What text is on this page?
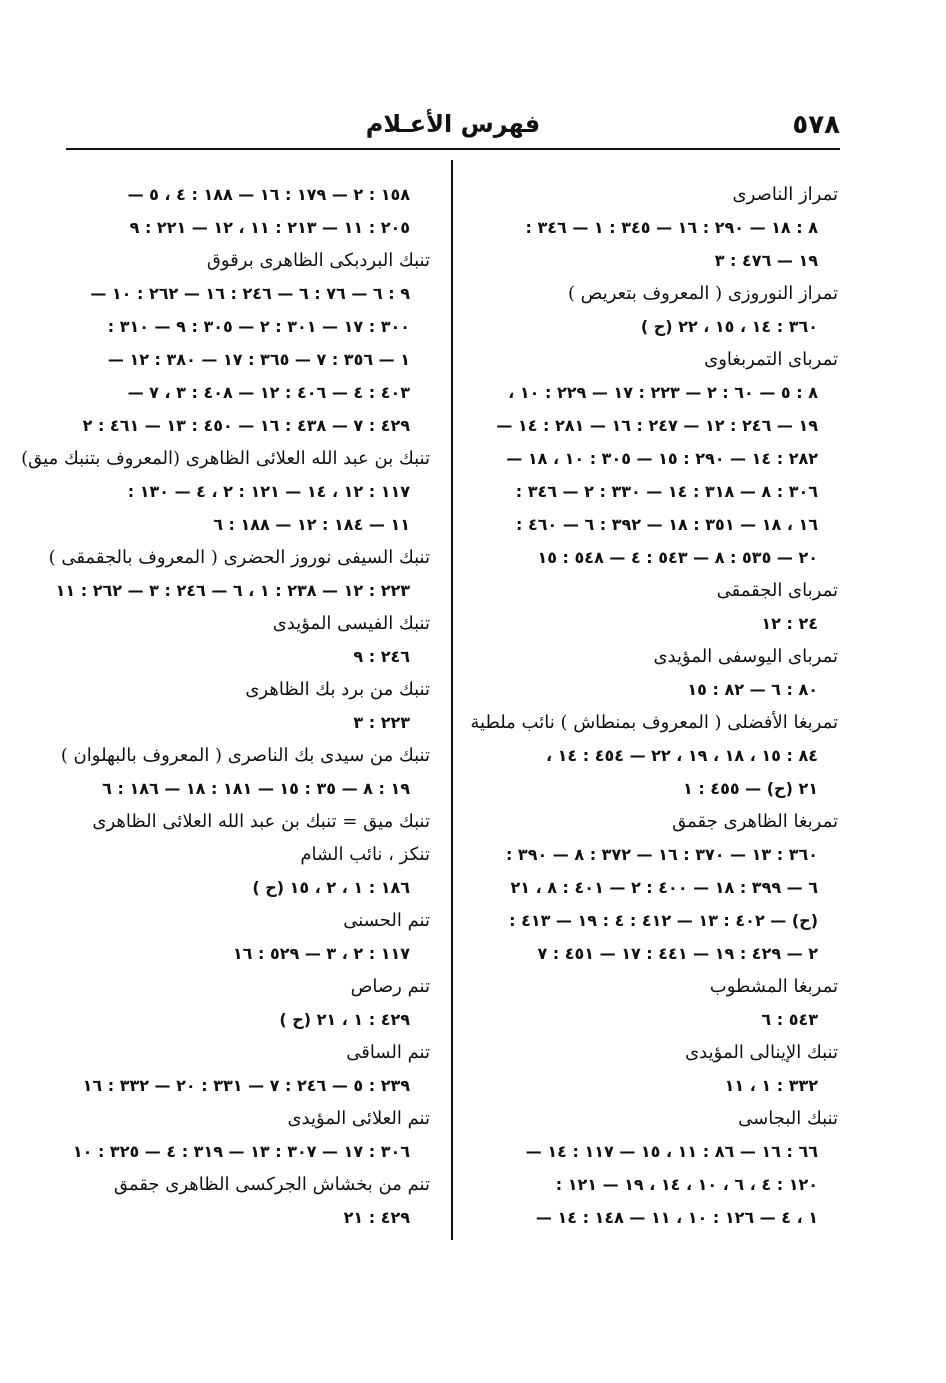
٥٧٨
فهرس الأعـلام
تمراز الناصرى
٨ : ١٨ — ٢٩٠ : ١٦ — ٣٤٥ : ١ — ٣٤٦ :
١٩ — ٤٧٦ : ٣
تمراز النوروزى ( المعروف بتعريص )
٣٦٠ : ١٤ ، ١٥ ، ٢٢ (ح )
تمرباى التمربغاوى
٨ : ٥ — ٦٠ : ٢ — ٢٢٣ : ١٧ — ٢٢٩ : ١٠ ،
١٩ — ٢٤٦ : ١٢ — ٢٤٧ : ١٦ — ٢٨١ : ١٤ —
٢٨٢ : ١٤ — ٢٩٠ : ١٥ — ٣٠٥ : ١٠ ، ١٨ —
٣٠٦ : ٨ — ٣١٨ : ١٤ — ٣٣٠ : ٢ — ٣٤٦ :
١٦ ، ١٨ — ٣٥١ : ١٨ — ٣٩٢ : ٦ — ٤٦٠ :
٢٠ — ٥٣٥ : ٨ — ٥٤٣ : ٤ — ٥٤٨ : ١٥
تمرباى الجقمقى
٢٤ : ١٢
تمرباى اليوسفى المؤيدى
٨٠ : ٦ — ٨٢ : ١٥
تمربغا الأفضلى ( المعروف بمنطاش ) نائب ملطية
٨٤ : ١٥ ، ١٨ ، ١٩ ، ٢٢ — ٤٥٤ : ١٤ ،
٢١ (ح) — ٤٥٥ : ١
تمربغا الظاهرى جقمق
٣٦٠ : ١٣ — ٣٧٠ : ١٦ — ٣٧٢ : ٨ — ٣٩٠ :
٦ — ٣٩٩ : ١٨ — ٤٠٠ : ٢ — ٤٠١ : ٨ ، ٢١
(ح) — ٤٠٢ : ١٣ — ٤١٢ : ٤ : ١٩ — ٤١٣ :
٢ — ٤٢٩ : ١٩ — ٤٤١ : ١٧ — ٤٥١ : ٧
تمربغا المشطوب
٥٤٣ : ٦
تنبك الإينالى المؤيدى
٣٣٢ : ١ ، ١١
تنبك البجاسى
٦٦ : ١٦ — ٨٦ : ١١ ، ١٥ — ١١٧ : ١٤ —
١٢٠ : ٤ ، ٦ ، ١٠ ، ١٤ ، ١٩ — ١٢١ :
١ ، ٤ — ١٢٦ : ١٠ ، ١١ — ١٤٨ : ١٤ —
١٥٨ : ٢ — ١٧٩ : ١٦ — ١٨٨ : ٤ ، ٥ —
٢٠٥ : ١١ — ٢١٣ : ١١ ، ١٢ — ٢٢١ : ٩
تنبك البردبكى الظاهرى برقوق
٩ : ٦ — ٧٦ : ٦ — ٢٤٦ : ١٦ — ٢٦٢ : ١٠ —
٣٠٠ : ١٧ — ٣٠١ : ٢ — ٣٠٥ : ٩ — ٣١٠ :
١ — ٣٥٦ : ٧ — ٣٦٥ : ١٧ — ٣٨٠ : ١٢ —
٤٠٣ : ٤ — ٤٠٦ : ١٢ — ٤٠٨ : ٣ ، ٧ —
٤٢٩ : ٧ — ٤٣٨ : ١٦ — ٤٥٠ : ١٣ — ٤٦١ : ٢
تنبك بن عبد الله العلائى الظاهرى (المعروف بتنبك ميق)
١١٧ : ١٢ ، ١٤ — ١٢١ : ٢ ، ٤ — ١٣٠ :
١١ — ١٨٤ : ١٢ — ١٨٨ : ٦
تنبك السيفى نوروز الحضرى ( المعروف بالجقمقى )
٢٢٣ : ١٢ — ٢٣٨ : ١ ، ٦ — ٢٤٦ : ٣ — ٢٦٢ : ١١
تنبك الفيسى المؤيدى
٢٤٦ : ٩
تنبك من برد بك الظاهرى
٢٢٣ : ٣
تنبك من سيدى بك الناصرى ( المعروف بالبهلوان )
١٩ : ٨ — ٣٥ : ١٥ — ١٨١ : ١٨ — ١٨٦ : ٦
تنبك ميق = تنبك بن عبد الله العلائى الظاهرى
تنكز ، نائب الشام
١٨٦ : ١ ، ٢ ، ١٥ (ح )
تنم الحسنى
١١٧ : ٢ ، ٣ — ٥٢٩ : ١٦
تنم رصاص
٤٢٩ : ١ ، ٢١ (ح )
تنم الساقى
٢٣٩ : ٥ — ٢٤٦ : ٧ — ٣٣١ : ٢٠ — ٣٣٢ : ١٦
تنم العلائى المؤيدى
٣٠٦ : ١٧ — ٣٠٧ : ١٣ — ٣١٩ : ٤ — ٣٢٥ : ١٠
تنم من بخشاش الجركسى الظاهرى جقمق
٤٢٩ : ٢١
